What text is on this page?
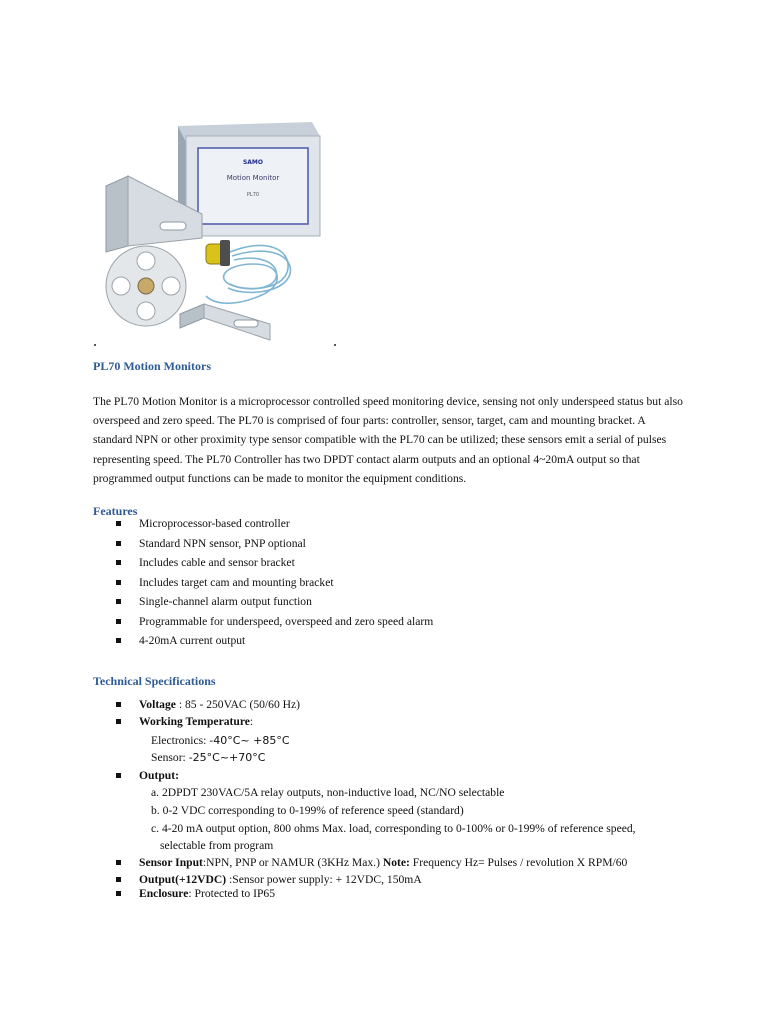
SAMO
Motion Monitor
PL70
PL70 Motion Monitors

The PL70 Motion Monitor is a microprocessor controlled speed monitoring device, sensing not only underspeed status but also overspeed and zero speed. The PL70 is comprised of four parts: controller, sensor, target, cam and mounting bracket. A standard NPN or other proximity type sensor compatible with the PL70 can be utilized; these sensors emit a serial of pulses representing speed. The PL70 Controller has two DPDT contact alarm outputs and an optional 4~20mA output so that programmed output functions can be made to monitor the equipment conditions.

Features
Microprocessor-based controller
Standard NPN sensor, PNP optional
Includes cable and sensor bracket
Includes target cam and mounting bracket
Single-channel alarm output function
Programmable for underspeed, overspeed and zero speed alarm
4-20mA current output
Technical Specifications
Voltage : 85 - 250VAC (50/60 Hz)
Working Temperature:
Electronics: -40°C~ +85°C
Sensor: -25°C~+70°C
Output:
a. 2DPDT 230VAC/5A relay outputs, non-inductive load, NC/NO selectable
b. 0-2 VDC corresponding to 0-199% of reference speed (standard)
c. 4-20 mA output option, 800 ohms Max. load, corresponding to 0-100% or 0-199% of reference speed,
selectable from program
Sensor Input:NPN, PNP or NAMUR (3KHz Max.) Note: Frequency Hz= Pulses / revolution X RPM/60
Output(+12VDC) :Sensor power supply: + 12VDC, 150mA
Enclosure: Protected to IP65
